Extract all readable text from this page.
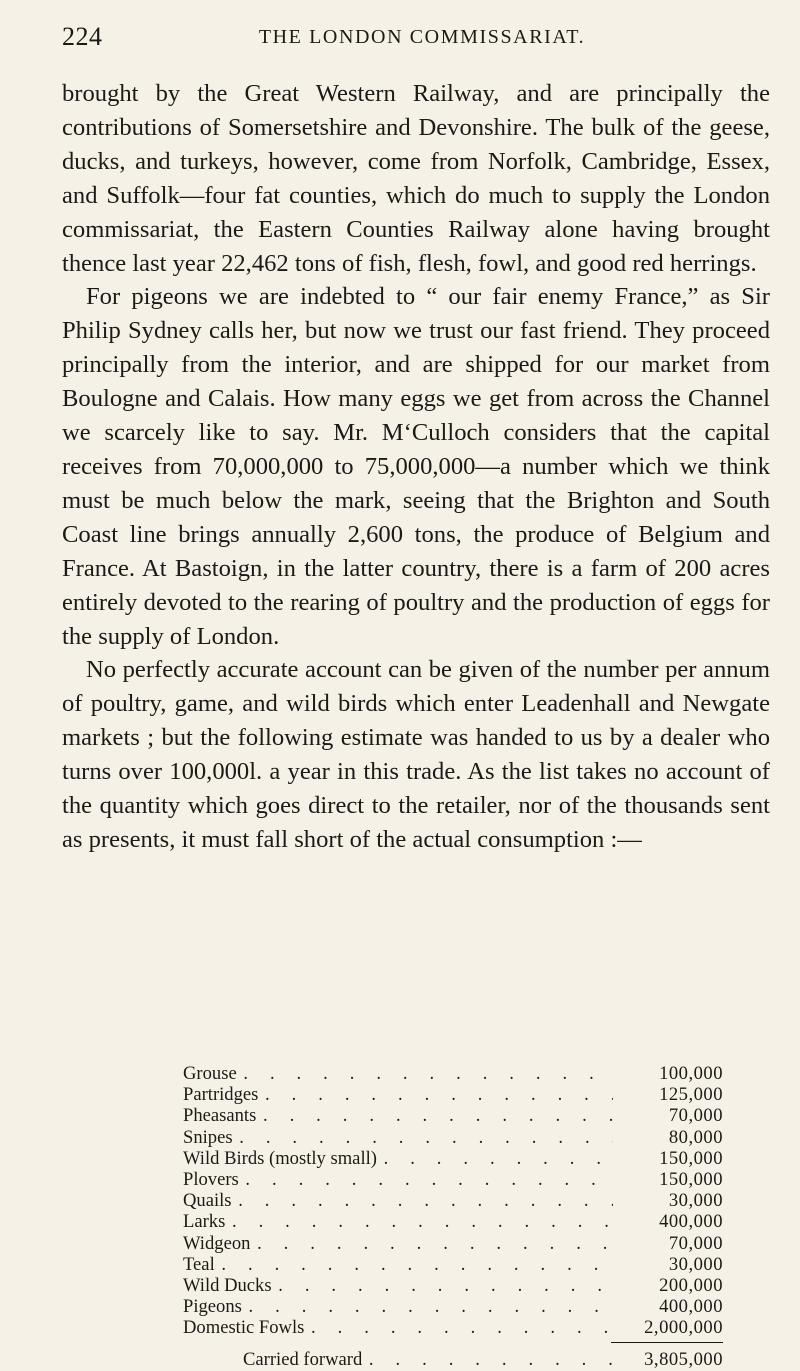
224	THE LONDON COMMISSARIAT.

brought by the Great Western Railway, and are principally the contributions of Somersetshire and Devonshire. The bulk of the geese, ducks, and turkeys, however, come from Norfolk, Cambridge, Essex, and Suffolk—four fat counties, which do much to supply the London commissariat, the Eastern Counties Railway alone having brought thence last year 22,462 tons of fish, flesh, fowl, and good red herrings.

For pigeons we are indebted to “ our fair enemy France,” as Sir Philip Sydney calls her, but now we trust our fast friend. They proceed principally from the interior, and are shipped for our market from Boulogne and Calais. How many eggs we get from across the Channel we scarcely like to say. Mr. M‘Culloch considers that the capital receives from 70,000,000 to 75,000,000—a number which we think must be much below the mark, seeing that the Brighton and South Coast line brings annually 2,600 tons, the produce of Belgium and France. At Bastoign, in the latter country, there is a farm of 200 acres entirely devoted to the rearing of poultry and the production of eggs for the supply of London.

No perfectly accurate account can be given of the number per annum of poultry, game, and wild birds which enter Leadenhall and Newgate markets ; but the following estimate was handed to us by a dealer who turns over 100,000l. a year in this trade. As the list takes no account of the quantity which goes direct to the retailer, nor of the thousands sent as presents, it must fall short of the actual consumption :—

Grouse . .	100,000
Partridges . .	125,000
Pheasants . .	70,000
Snipes . .	80,000
Wild Birds (mostly small) . .	150,000
Plovers . .	150,000
Quails . .	30,000
Larks . .	400,000
Widgeon . .	70,000
Teal . .	30,000
Wild Ducks . .	200,000
Pigeons . .	400,000
Domestic Fowls . .	2,000,000
Carried forward . .	3,805,000
